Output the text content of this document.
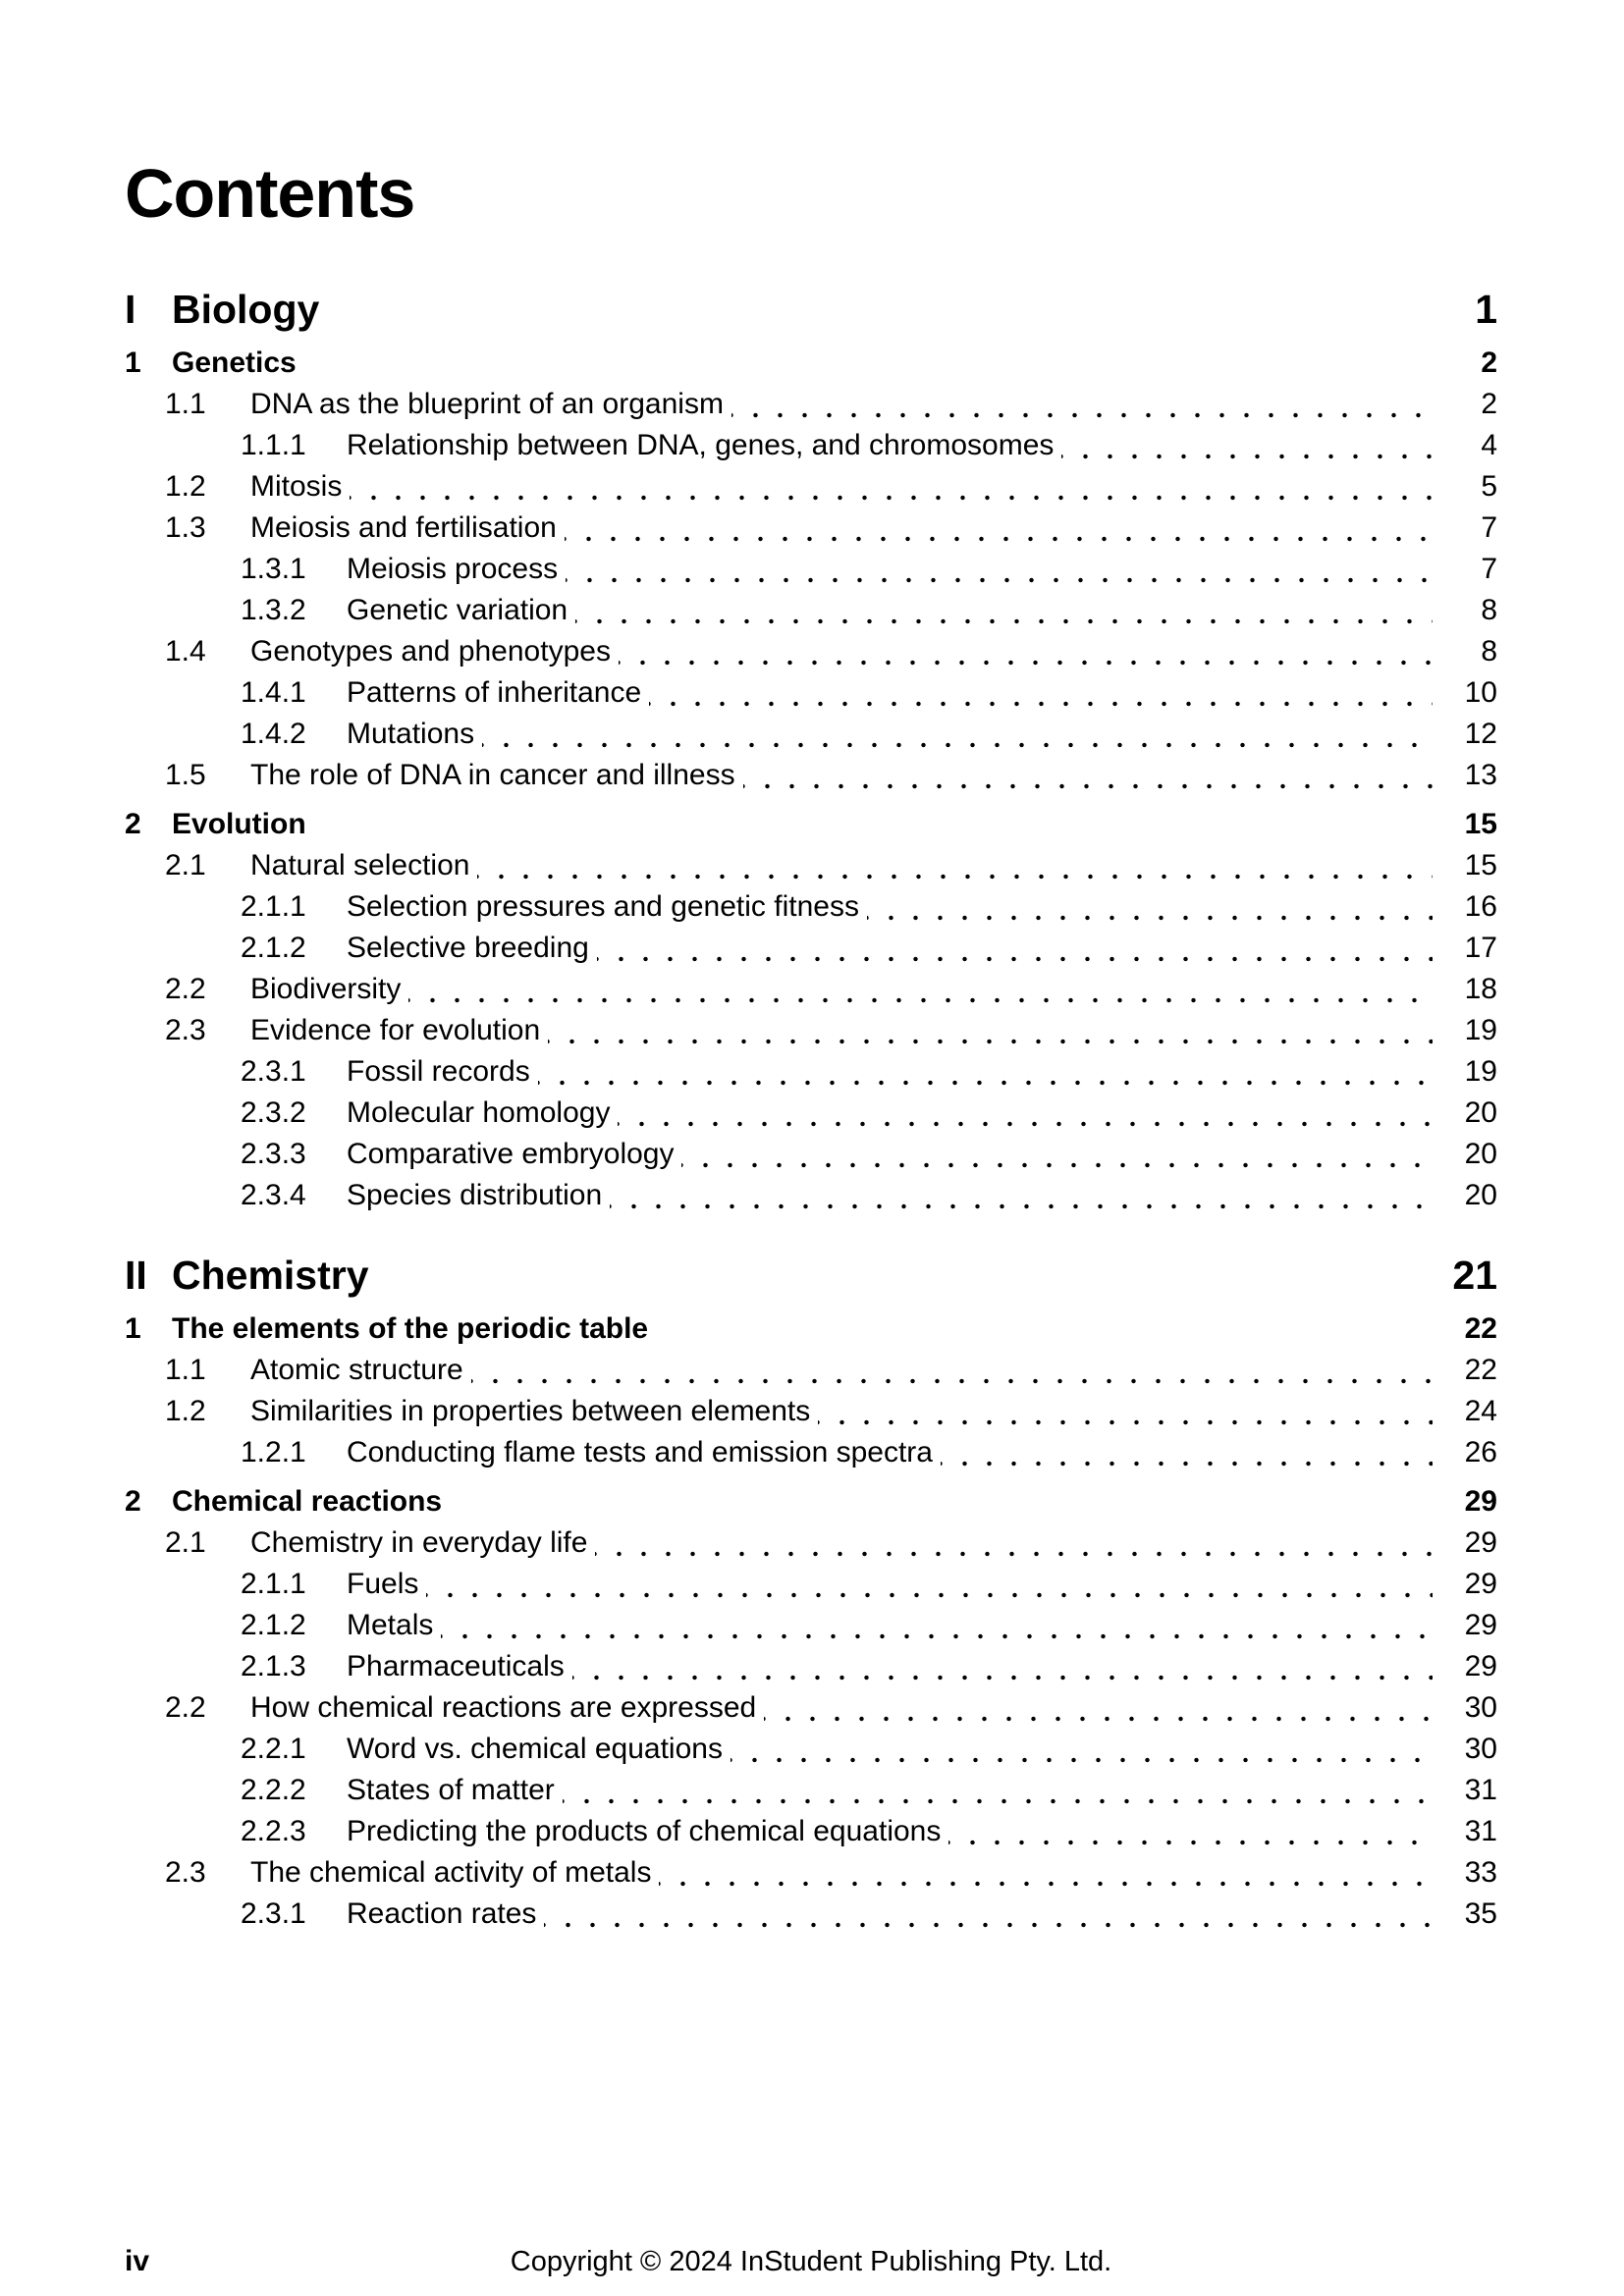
Contents
I Biology	1
1	Genetics	2
1.1	DNA as the blueprint of an organism	2
1.1.1	Relationship between DNA, genes, and chromosomes	4
1.2	Mitosis	5
1.3	Meiosis and fertilisation	7
1.3.1	Meiosis process	7
1.3.2	Genetic variation	8
1.4	Genotypes and phenotypes	8
1.4.1	Patterns of inheritance	10
1.4.2	Mutations	12
1.5	The role of DNA in cancer and illness	13
2	Evolution	15
2.1	Natural selection	15
2.1.1	Selection pressures and genetic fitness	16
2.1.2	Selective breeding	17
2.2	Biodiversity	18
2.3	Evidence for evolution	19
2.3.1	Fossil records	19
2.3.2	Molecular homology	20
2.3.3	Comparative embryology	20
2.3.4	Species distribution	20
II Chemistry	21
1	The elements of the periodic table	22
1.1	Atomic structure	22
1.2	Similarities in properties between elements	24
1.2.1	Conducting flame tests and emission spectra	26
2	Chemical reactions	29
2.1	Chemistry in everyday life	29
2.1.1	Fuels	29
2.1.2	Metals	29
2.1.3	Pharmaceuticals	29
2.2	How chemical reactions are expressed	30
2.2.1	Word vs. chemical equations	30
2.2.2	States of matter	31
2.2.3	Predicting the products of chemical equations	31
2.3	The chemical activity of metals	33
2.3.1	Reaction rates	35
iv	Copyright © 2024 InStudent Publishing Pty. Ltd.
